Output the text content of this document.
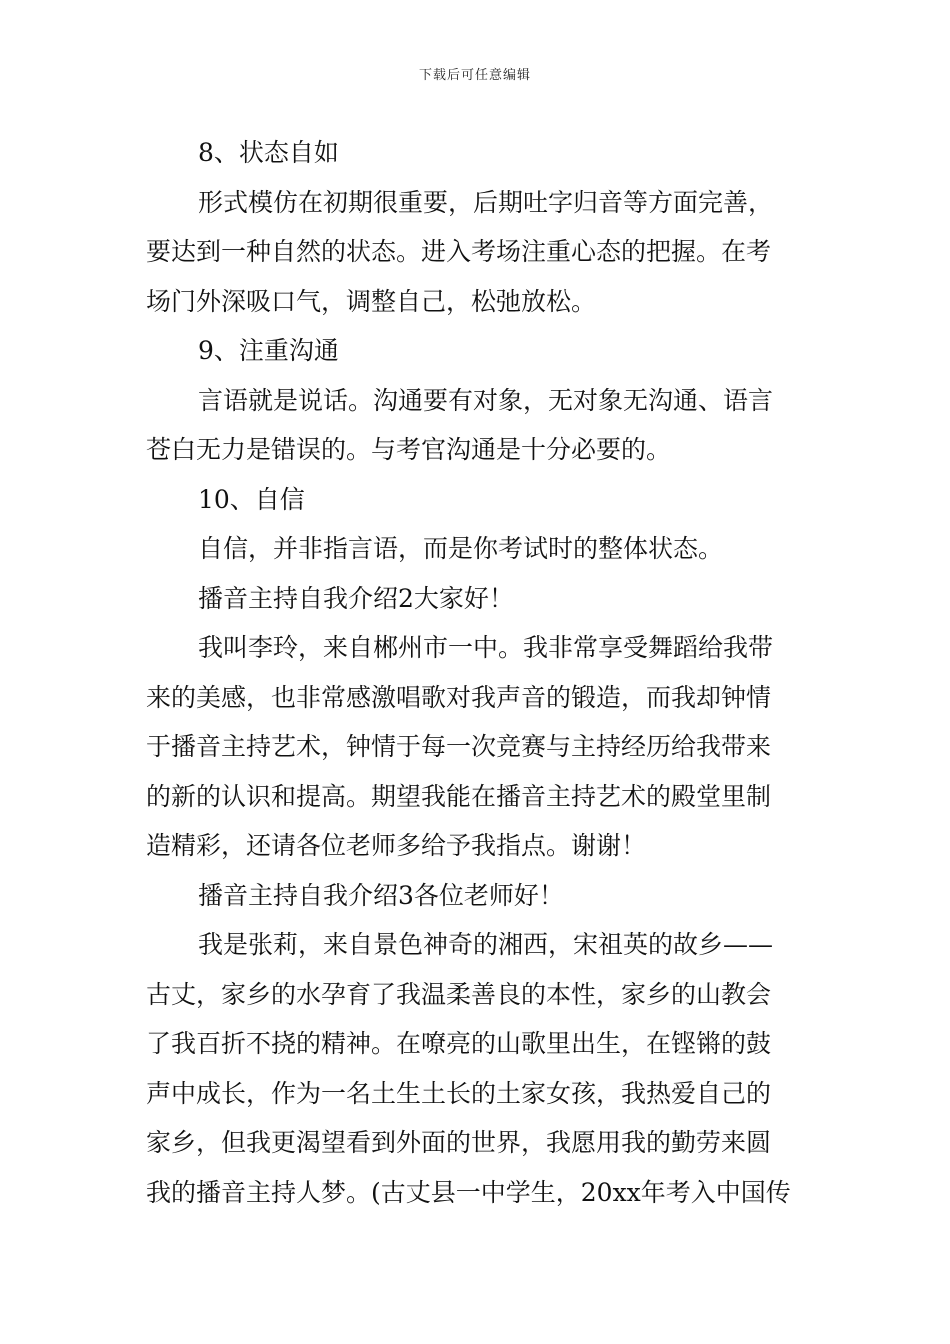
下载后可任意编辑
8、状态自如
形式模仿在初期很重要，后期吐字归音等方面完善，
要达到一种自然的状态。进入考场注重心态的把握。在考
场门外深吸口气，调整自己，松弛放松。
9、注重沟通
言语就是说话。沟通要有对象，无对象无沟通、语言
苍白无力是错误的。与考官沟通是十分必要的。
10、自信
自信，并非指言语，而是你考试时的整体状态。
播音主持自我介绍2大家好！
我叫李玲，来自郴州市一中。我非常享受舞蹈给我带
来的美感，也非常感激唱歌对我声音的锻造，而我却钟情
于播音主持艺术，钟情于每一次竞赛与主持经历给我带来
的新的认识和提高。期望我能在播音主持艺术的殿堂里制
造精彩，还请各位老师多给予我指点。谢谢！
播音主持自我介绍3各位老师好！
我是张莉，来自景色神奇的湘西，宋祖英的故乡——
古丈，家乡的水孕育了我温柔善良的本性，家乡的山教会
了我百折不挠的精神。在嘹亮的山歌里出生，在铿锵的鼓
声中成长，作为一名土生土长的土家女孩，我热爱自己的
家乡，但我更渴望看到外面的世界，我愿用我的勤劳来圆
我的播音主持人梦。(古丈县一中学生，20xx年考入中国传
